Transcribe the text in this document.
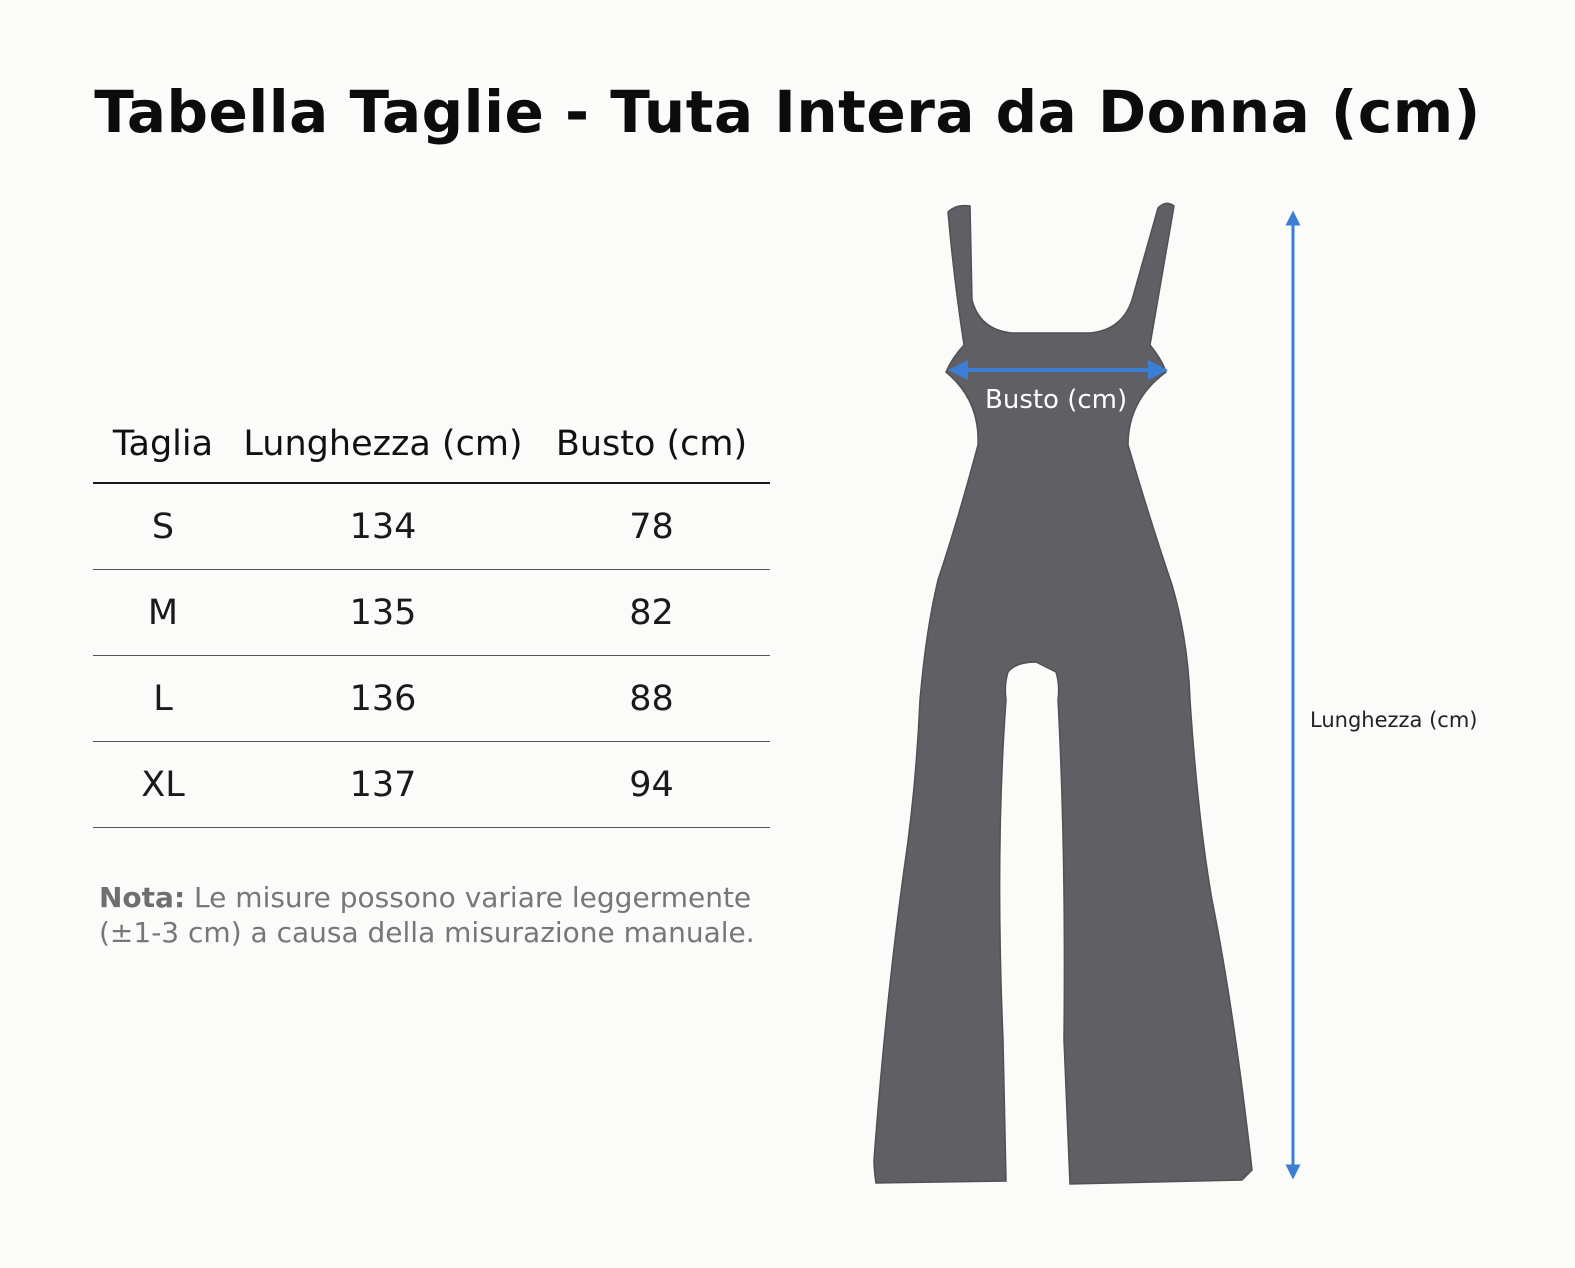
Tabella Taglie - Tuta Intera da Donna (cm)
Taglia	Lunghezza (cm)	Busto (cm)
S	134	78
M	135	82
L	136	88
XL	137	94
Nota: Le misure possono variare leggermente (±1-3 cm) a causa della misurazione manuale.
Busto (cm)
Lunghezza (cm)
